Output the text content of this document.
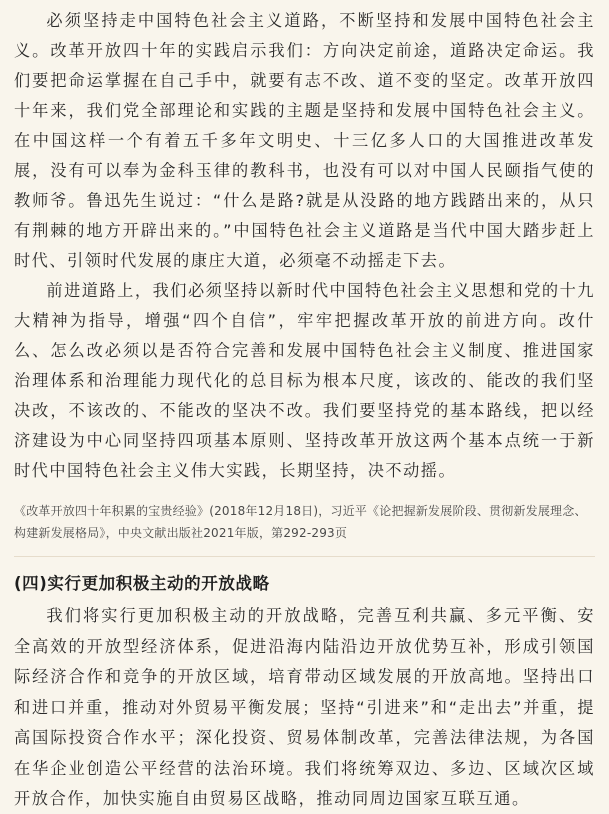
必须坚持走中国特色社会主义道路，不断坚持和发展中国特色社会主义。改革开放四十年的实践启示我们：方向决定前途，道路决定命运。我们要把命运掌握在自己手中，就要有志不改、道不变的坚定。改革开放四十年来，我们党全部理论和实践的主题是坚持和发展中国特色社会主义。在中国这样一个有着五千多年文明史、十三亿多人口的大国推进改革发展，没有可以奉为金科玉律的教科书，也没有可以对中国人民颐指气使的教师爷。鲁迅先生说过：“什么是路?就是从没路的地方践踏出来的，从只有荆棘的地方开辟出来的。”中国特色社会主义道路是当代中国大踏步赶上时代、引领时代发展的康庄大道，必须毫不动摇走下去。

前进道路上，我们必须坚持以新时代中国特色社会主义思想和党的十九大精神为指导，增强“四个自信”，牢牢把握改革开放的前进方向。改什么、怎么改必须以是否符合完善和发展中国特色社会主义制度、推进国家治理体系和治理能力现代化的总目标为根本尺度，该改的、能改的我们坚决改，不该改的、不能改的坚决不改。我们要坚持党的基本路线，把以经济建设为中心同坚持四项基本原则、坚持改革开放这两个基本点统一于新时代中国特色社会主义伟大实践，长期坚持，决不动摇。

《改革开放四十年积累的宝贵经验》(2018年12月18日)，习近平《论把握新发展阶段、贯彻新发展理念、构建新发展格局》，中央文献出版社2021年版，第292-293页

(四)实行更加积极主动的开放战略

我们将实行更加积极主动的开放战略，完善互利共赢、多元平衡、安全高效的开放型经济体系，促进沿海内陆沿边开放优势互补，形成引领国际经济合作和竞争的开放区域，培育带动区域发展的开放高地。坚持出口和进口并重，推动对外贸易平衡发展；坚持“引进来”和“走出去”并重，提高国际投资合作水平；深化投资、贸易体制改革，完善法律法规，为各国在华企业创造公平经营的法治环境。我们将统筹双边、多边、区域次区域开放合作，加快实施自由贸易区战略，推动同周边国家互联互通。
